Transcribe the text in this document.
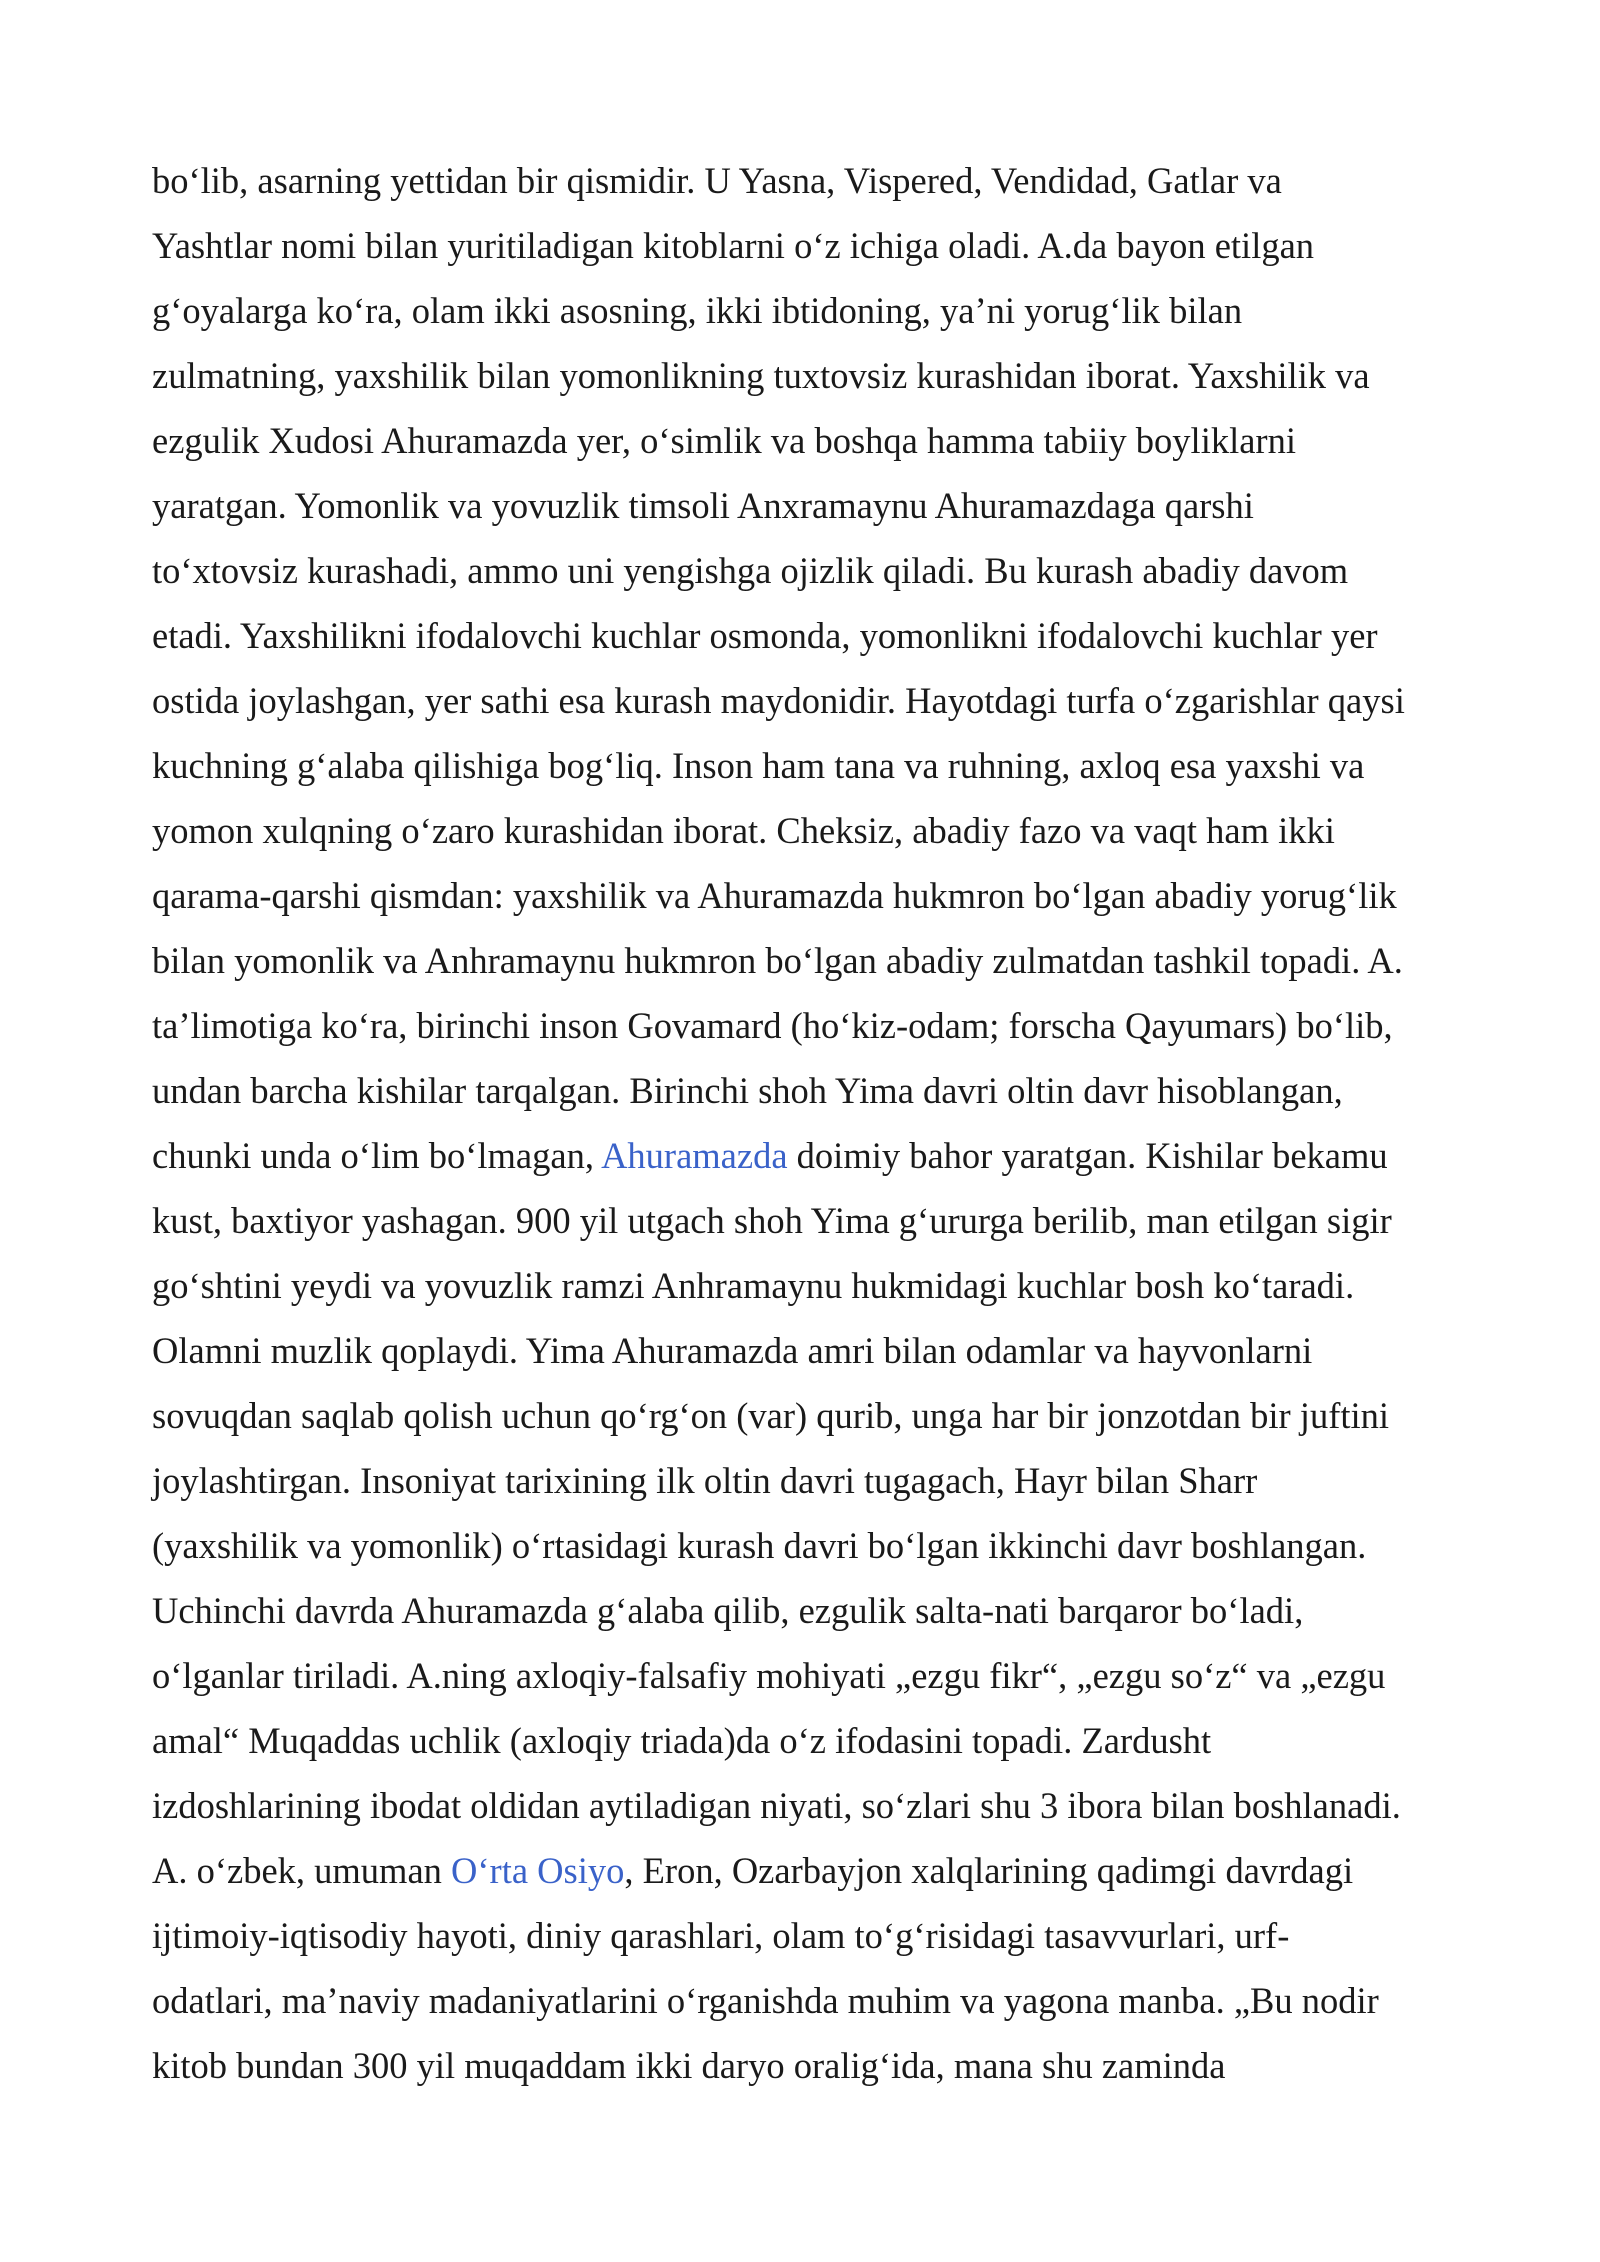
bo‘lib, asarning yettidan bir qismidir. U Yasna, Vispered, Vendidad, Gatlar va
Yashtlar nomi bilan yuritiladigan kitoblarni o‘z ichiga oladi. A.da bayon etilgan
g‘oyalarga ko‘ra, olam ikki asosning, ikki ibtidoning, ya’ni yorug‘lik bilan
zulmatning, yaxshilik bilan yomonlikning tuxtovsiz kurashidan iborat. Yaxshilik va
ezgulik Xudosi Ahuramazda yer, o‘simlik va boshqa hamma tabiiy boyliklarni
yaratgan. Yomonlik va yovuzlik timsoli Anxramaynu Ahuramazdaga qarshi
to‘xtovsiz kurashadi, ammo uni yengishga ojizlik qiladi. Bu kurash abadiy davom
etadi. Yaxshilikni ifodalovchi kuchlar osmonda, yomonlikni ifodalovchi kuchlar yer
ostida joylashgan, yer sathi esa kurash maydonidir. Hayotdagi turfa o‘zgarishlar qaysi
kuchning g‘alaba qilishiga bog‘liq. Inson ham tana va ruhning, axloq esa yaxshi va
yomon xulqning o‘zaro kurashidan iborat. Cheksiz, abadiy fazo va vaqt ham ikki
qarama-qarshi qismdan: yaxshilik va Ahuramazda hukmron bo‘lgan abadiy yorug‘lik
bilan yomonlik va Anhramaynu hukmron bo‘lgan abadiy zulmatdan tashkil topadi. A.
ta’limotiga ko‘ra, birinchi inson Govamard (ho‘kiz-odam; forscha Qayumars) bo‘lib,
undan barcha kishilar tarqalgan. Birinchi shoh Yima davri oltin davr hisoblangan,
chunki unda o‘lim bo‘lmagan, Ahuramazda doimiy bahor yaratgan. Kishilar bekamu
kust, baxtiyor yashagan. 900 yil utgach shoh Yima g‘ururga berilib, man etilgan sigir
go‘shtini yeydi va yovuzlik ramzi Anhramaynu hukmidagi kuchlar bosh ko‘taradi.
Olamni muzlik qoplaydi. Yima Ahuramazda amri bilan odamlar va hayvonlarni
sovuqdan saqlab qolish uchun qo‘rg‘on (var) qurib, unga har bir jonzotdan bir juftini
joylashtirgan. Insoniyat tarixining ilk oltin davri tugagach, Hayr bilan Sharr
(yaxshilik va yomonlik) o‘rtasidagi kurash davri bo‘lgan ikkinchi davr boshlangan.
Uchinchi davrda Ahuramazda g‘alaba qilib, ezgulik salta-nati barqaror bo‘ladi,
o‘lganlar tiriladi. A.ning axloqiy-falsafiy mohiyati „ezgu fikr“, „ezgu so‘z“ va „ezgu
amal“ Muqaddas uchlik (axloqiy triada)da o‘z ifodasini topadi. Zardusht
izdoshlarining ibodat oldidan aytiladigan niyati, so‘zlari shu 3 ibora bilan boshlanadi.
A. o‘zbek, umuman O‘rta Osiyo, Eron, Ozarbayjon xalqlarining qadimgi davrdagi
ijtimoiy-iqtisodiy hayoti, diniy qarashlari, olam to‘g‘risidagi tasavvurlari, urf-
odatlari, ma’naviy madaniyatlarini o‘rganishda muhim va yagona manba. „Bu nodir
kitob bundan 300 yil muqaddam ikki daryo oralig‘ida, mana shu zaminda
